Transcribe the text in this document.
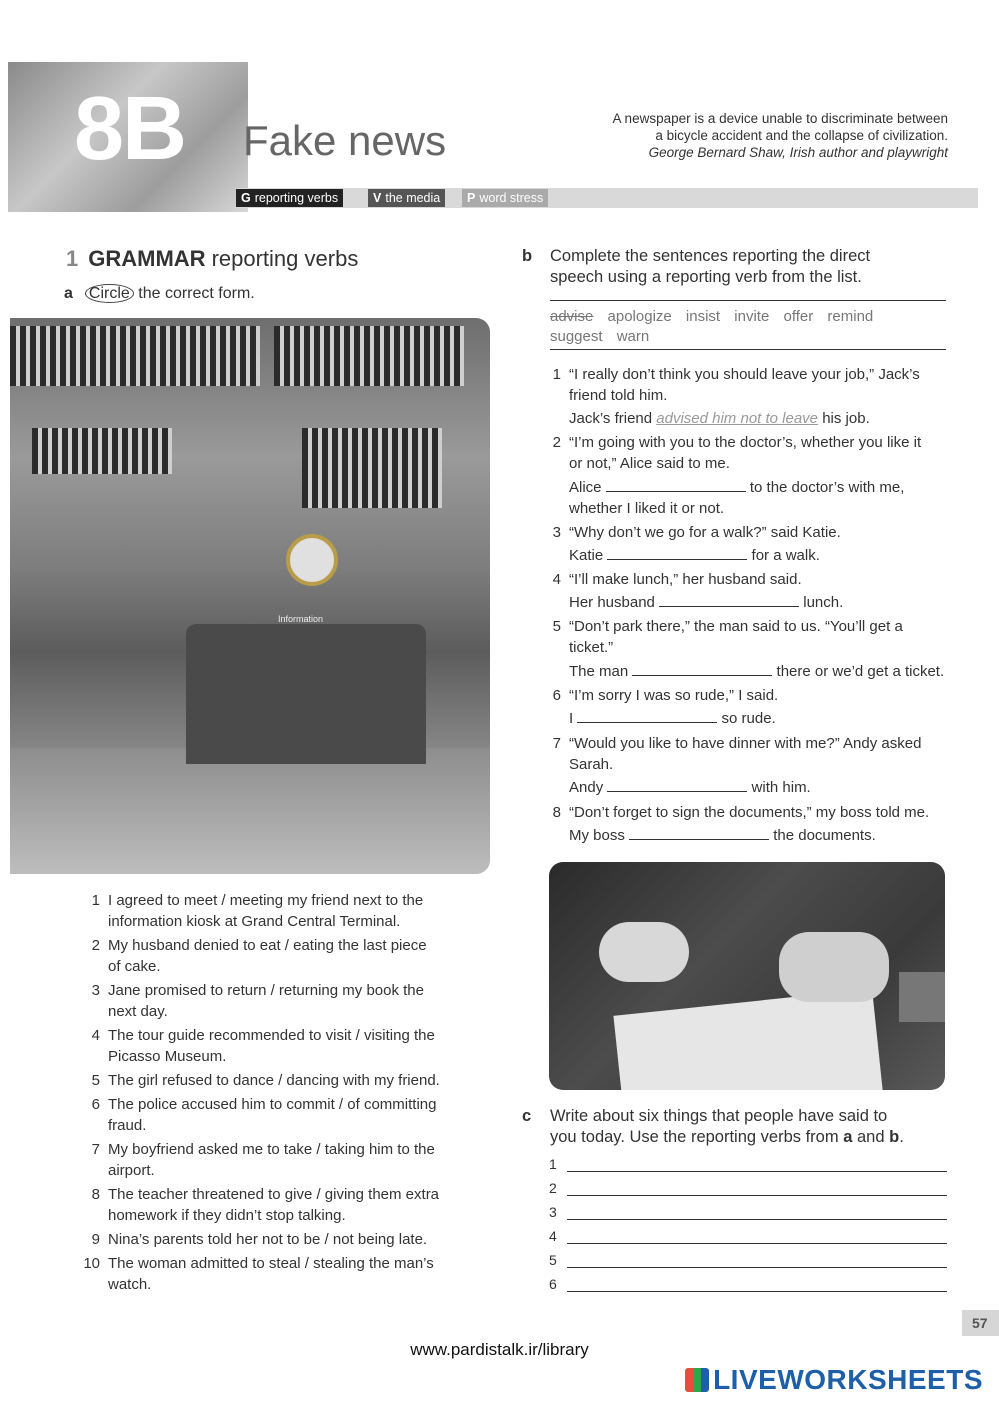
8B Fake news	A newspaper is a device unable to discriminate between
a bicycle accident and the collapse of civilization.
George Bernard Shaw, Irish author and playwright
G reporting verbs	V the media	P word stress
1 GRAMMAR reporting verbs
a Circle the correct form.
Information
1 I agreed to meet / meeting my friend next to the
information kiosk at Grand Central Terminal.
2 My husband denied to eat / eating the last piece
of cake.
3 Jane promised to return / returning my book the
next day.
4 The tour guide recommended to visit / visiting the
Picasso Museum.
5 The girl refused to dance / dancing with my friend.

6 The police accused him to commit / of committing
fraud.
7 My boyfriend asked me to take / taking him to the
airport.
8 The teacher threatened to give / giving them extra
homework if they didn’t stop talking.
9 Nina’s parents told her not to be / not being late.

10 The woman admitted to steal / stealing the man’s
watch.
b Complete the sentences reporting the direct
speech using a reporting verb from the list.
advise apologize insist invite offer remind
suggest warn
1 “I really don’t think you should leave your job,” Jack’s
friend told him.
Jack’s friend advised him not to leave his job.
2 “I’m going with you to the doctor’s, whether you like it
or not,” Alice said to me.
Alice	to the doctor’s with me,
whether I liked it or not.
3 “Why don’t we go for a walk?” said Katie.

Katie	for a walk.
4 “I’ll make lunch,” her husband said.

Her husband	lunch.
5 “Don’t park there,” the man said to us. “You’ll get a
ticket.”
The man	there or we’d get a ticket.
6 “I’m sorry I was so rude,” I said.

I	so rude.
7 “Would you like to have dinner with me?” Andy asked
Sarah.
Andy	with him.
8 “Don’t forget to sign the documents,” my boss told me.

My boss	the documents.
c Write about six things that people have said to
you today. Use the reporting verbs from a and b.
1
2
3
4
5
6
57
www.pardistalk.ir/library
LIVEWORKSHEETS
